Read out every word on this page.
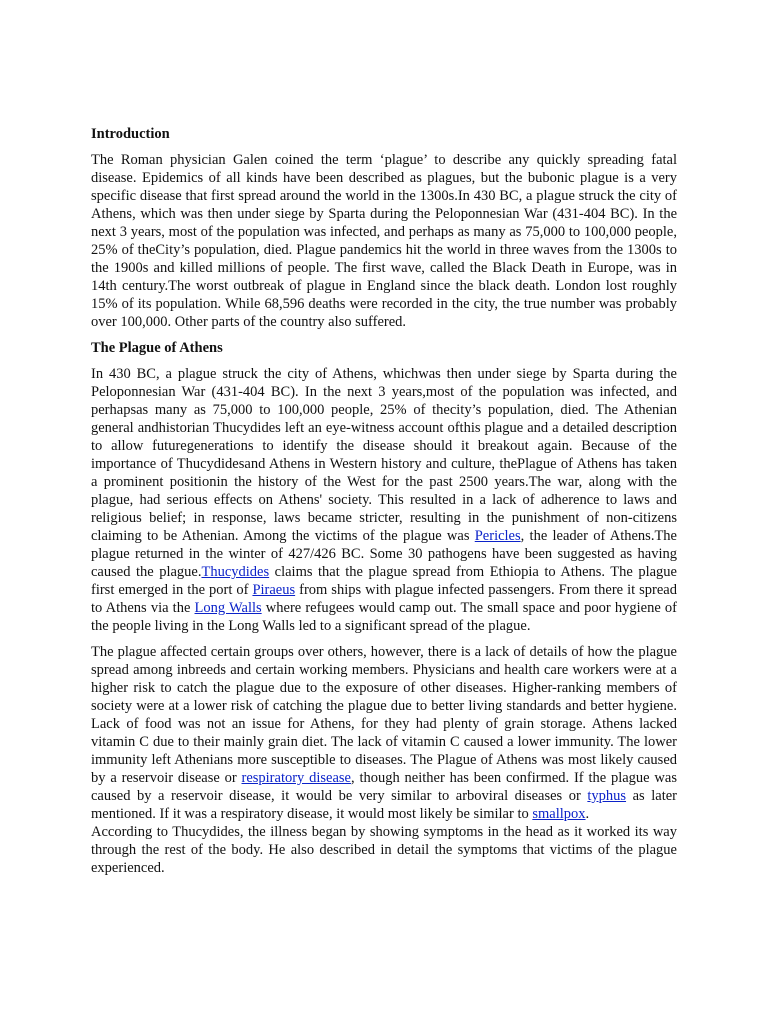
Introduction

The Roman physician Galen coined the term ‘plague’ to describe any quickly spreading fatal disease. Epidemics of all kinds have been described as plagues, but the bubonic plague is a very specific disease that first spread around the world in the 1300s.In 430 BC, a plague struck the city of Athens, which was then under siege by Sparta during the Peloponnesian War (431-404 BC). In the next 3 years, most of the population was infected, and perhaps as many as 75,000 to 100,000 people, 25% of theCity’s population, died. Plague pandemics hit the world in three waves from the 1300s to the 1900s and killed millions of people. The first wave, called the Black Death in Europe, was in 14th century.The worst outbreak of plague in England since the black death. London lost roughly 15% of its population. While 68,596 deaths were recorded in the city, the true number was probably over 100,000. Other parts of the country also suffered.

The Plague of Athens

In 430 BC, a plague struck the city of Athens, whichwas then under siege by Sparta during the Peloponnesian War (431-404 BC). In the next 3 years,most of the population was infected, and perhapsas many as 75,000 to 100,000 people, 25% of thecity’s population, died. The Athenian general andhistorian Thucydides left an eye-witness account ofthis plague and a detailed description to allow futuregenerations to identify the disease should it breakout again. Because of the importance of Thucydidesand Athens in Western history and culture, thePlague of Athens has taken a prominent positionin the history of the West for the past 2500 years.The war, along with the plague, had serious effects on Athens' society. This resulted in a lack of adherence to laws and religious belief; in response, laws became stricter, resulting in the punishment of non-citizens claiming to be Athenian. Among the victims of the plague was Pericles, the leader of Athens.The plague returned in the winter of 427/426 BC. Some 30 pathogens have been suggested as having caused the plague.Thucydides claims that the plague spread from Ethiopia to Athens. The plague first emerged in the port of Piraeus from ships with plague infected passengers. From there it spread to Athens via the Long Walls where refugees would camp out. The small space and poor hygiene of the people living in the Long Walls led to a significant spread of the plague.

The plague affected certain groups over others, however, there is a lack of details of how the plague spread among inbreeds and certain working members. Physicians and health care workers were at a higher risk to catch the plague due to the exposure of other diseases. Higher-ranking members of society were at a lower risk of catching the plague due to better living standards and better hygiene. Lack of food was not an issue for Athens, for they had plenty of grain storage. Athens lacked vitamin C due to their mainly grain diet. The lack of vitamin C caused a lower immunity. The lower immunity left Athenians more susceptible to diseases. The Plague of Athens was most likely caused by a reservoir disease or respiratory disease, though neither has been confirmed. If the plague was caused by a reservoir disease, it would be very similar to arboviral diseases or typhus as later mentioned. If it was a respiratory disease, it would most likely be similar to smallpox.

According to Thucydides, the illness began by showing symptoms in the head as it worked its way through the rest of the body. He also described in detail the symptoms that victims of the plague experienced.
